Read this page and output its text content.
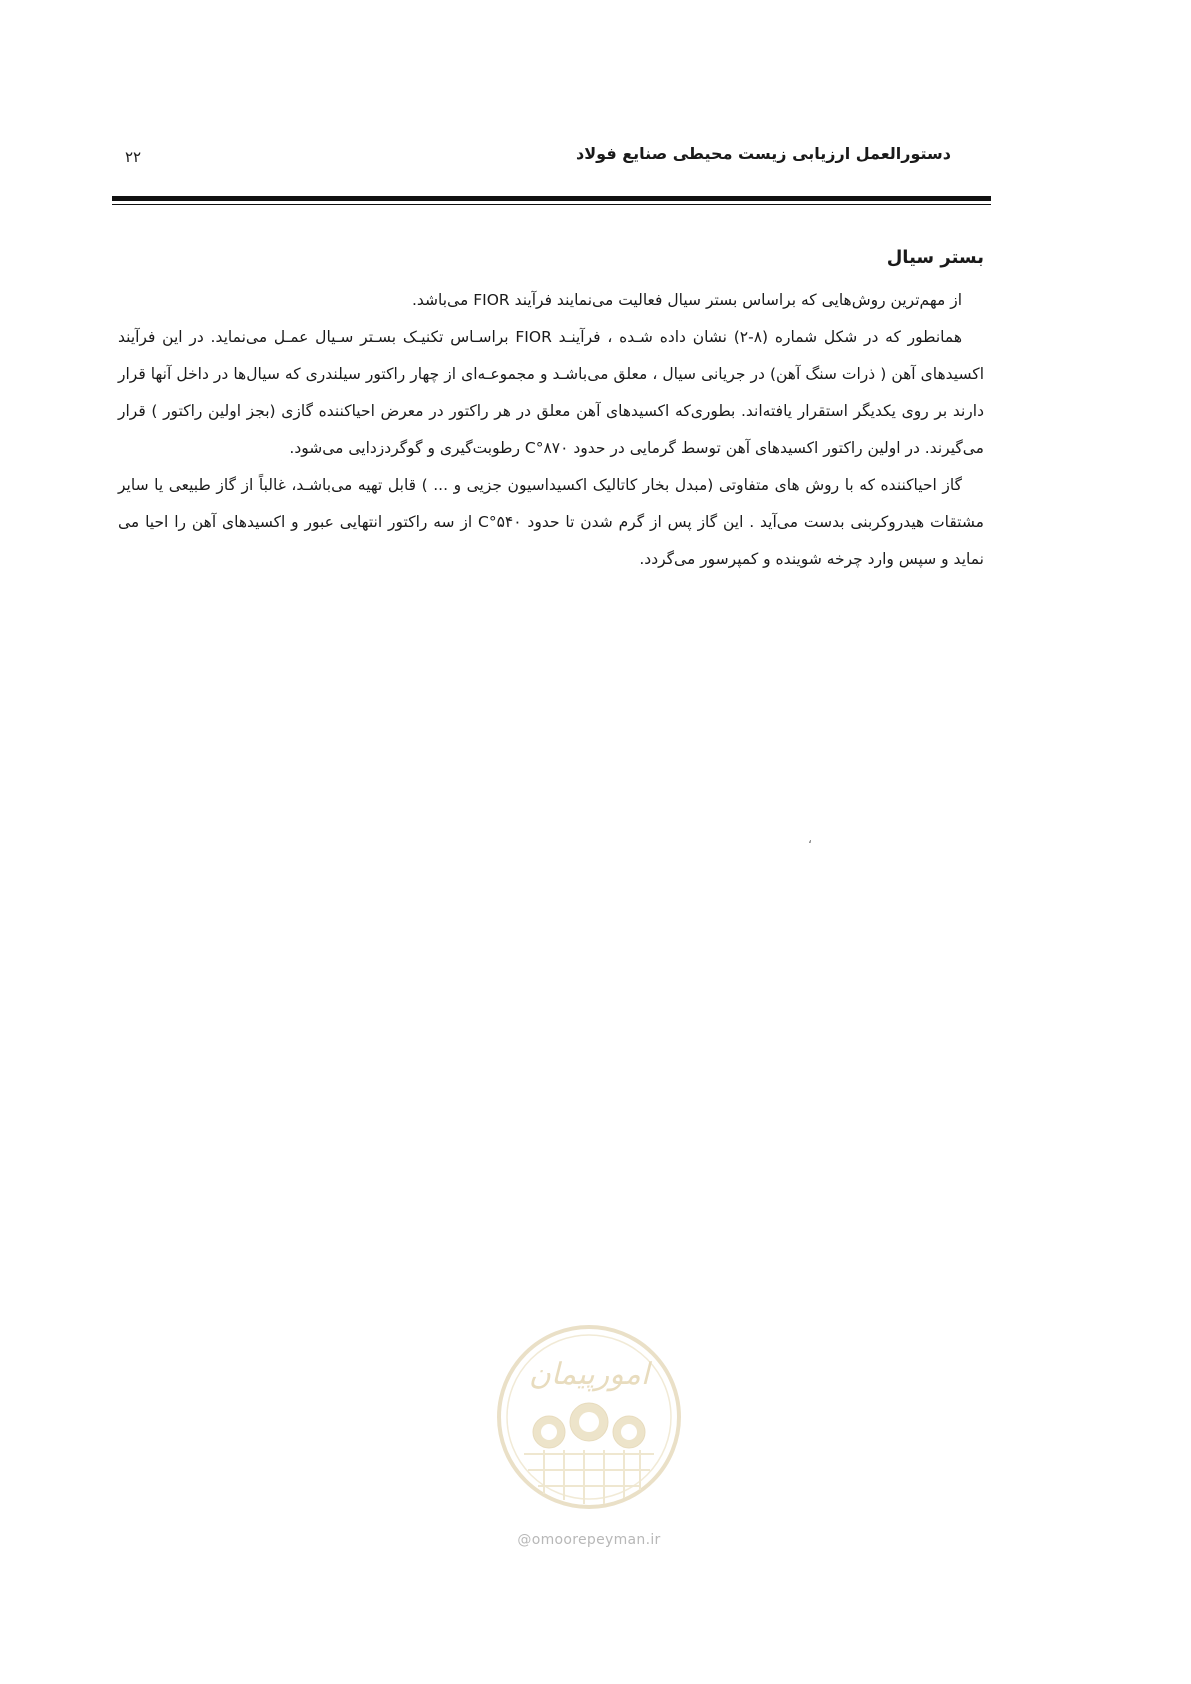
دستورالعمل ارزیابی زیست محیطی صنایع فولاد
۲۲
بستر سیال

از مهم‌ترین روش‌هایی که براساس بستر سیال فعالیت می‌نمایند فرآیند FIOR می‌باشد.

همانطور که در شکل شماره (۸-۲) نشان داده شـده ، فرآینـد FIOR براسـاس تکنیـک بسـتر سـیال عمـل می‌نماید. در این فرآیند اکسیدهای آهن ( ذرات سنگ آهن) در جریانی سیال ، معلق می‌باشـد و مجموعـه‌ای از چهار راکتور سیلندری که سیال‌ها در داخل آنها قرار دارند بر روی یکدیگر استقرار یافته‌اند. بطوری‌که اکسیدهای آهن معلق در هر راکتور در معرض احیاکننده گازی (بجز اولین راکتور ) قرار می‌گیرند. در اولین راکتور اکسیدهای آهن توسط گرمایی در حدود ۸۷۰°C رطوبت‌گیری و گوگردزدایی می‌شود.

گاز احیاکننده که با روش های متفاوتی (مبدل بخار کاتالیک اکسیداسیون جزیی و ... ) قابل تهیه می‌باشـد، غالباً از گاز طبیعی یا سایر مشتقات هیدروکربنی بدست می‌آید . این گاز پس از گرم شدن تا حدود ۵۴۰°C از سه راکتور انتهایی عبور و اکسیدهای آهن را احیا می نماید و سپس وارد چرخه شوینده و کمپرسور می‌گردد.

،
امورپیمان
@omoorepeyman.ir
